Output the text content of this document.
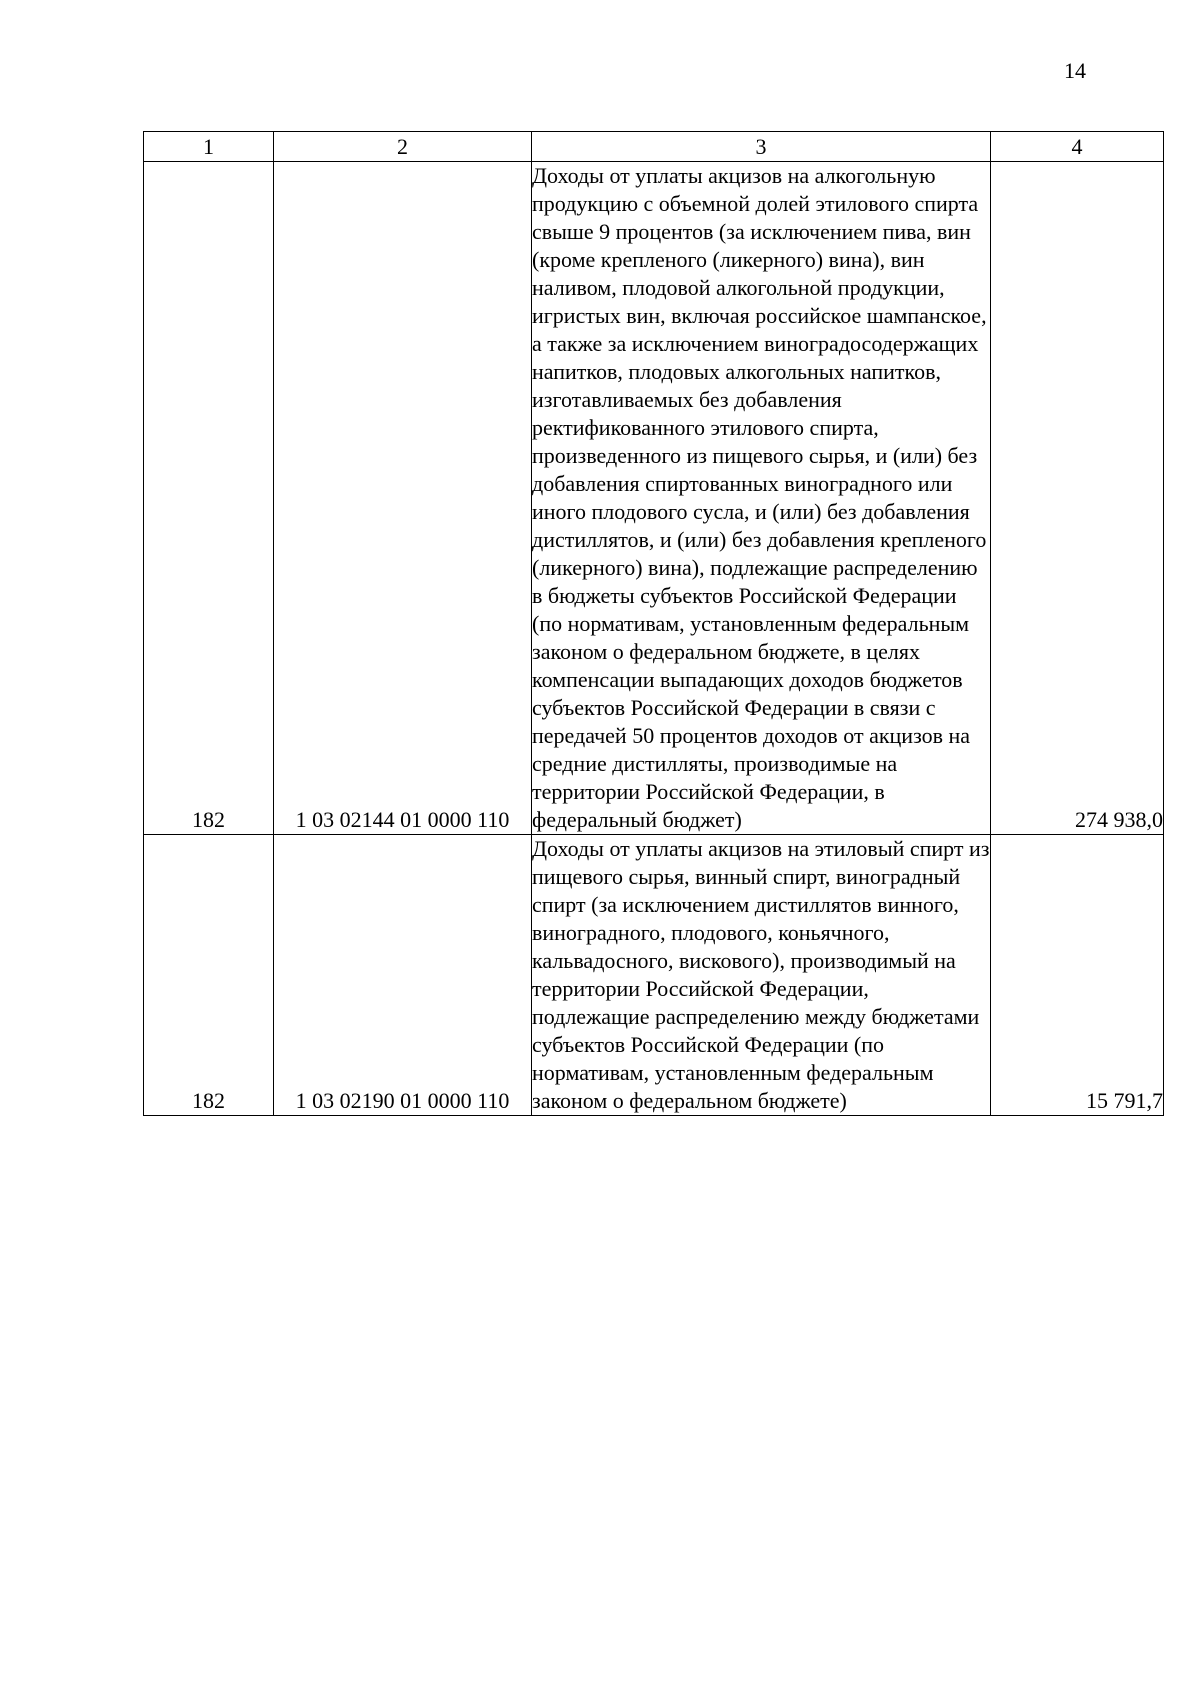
14
1	2	3	4
182	1 03 02144 01 0000 110	Доходы от уплаты акцизов на алкогольную продукцию с объемной долей этилового спирта свыше 9 процентов (за исключением пива, вин (кроме крепленого (ликерного) вина), вин наливом, плодовой алкогольной продукции, игристых вин, включая российское шампанское, а также за исключением виноградосодержащих напитков, плодовых алкогольных напитков, изготавливаемых без добавления ректификованного этилового спирта, произведенного из пищевого сырья, и (или) без добавления спиртованных виноградного или иного плодового сусла, и (или) без добавления дистиллятов, и (или) без добавления крепленого (ликерного) вина), подлежащие распределению в бюджеты субъектов Российской Федерации (по нормативам, установленным федеральным законом о федеральном бюджете, в целях компенсации выпадающих доходов бюджетов субъектов Российской Федерации в связи с передачей 50 процентов доходов от акцизов на средние дистилляты, производимые на территории Российской Федерации, в федеральный бюджет)	274 938,0
182	1 03 02190 01 0000 110	Доходы от уплаты акцизов на этиловый спирт из пищевого сырья, винный спирт, виноградный спирт (за исключением дистиллятов винного, виноградного, плодового, коньячного, кальвадосного, вискового), производимый на территории Российской Федерации, подлежащие распределению между бюджетами субъектов Российской Федерации (по нормативам, установленным федеральным законом о федеральном бюджете)	15 791,7
